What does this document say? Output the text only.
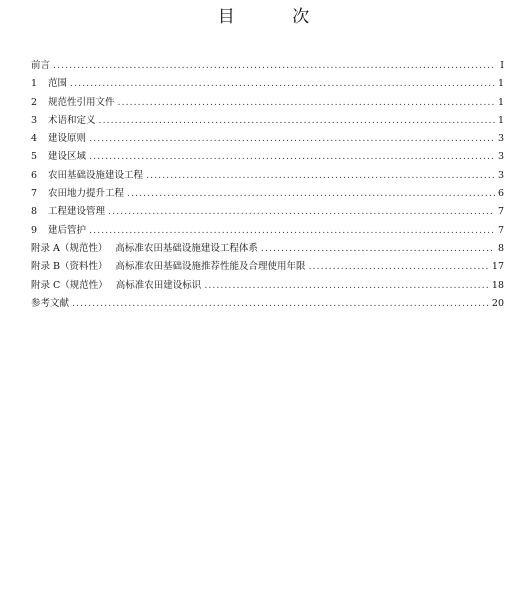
目 次
前言 .....	I
1 范围 .....	1
2 规范性引用文件 .....	1
3 术语和定义 .....	1
4 建设原则 .....	3
5 建设区域 .....	3
6 农田基础设施建设工程 .....	3
7 农田地力提升工程 .....	6
8 工程建设管理 .....	7
9 建后管护 .....	7
附录 A（规范性） 高标准农田基础设施建设工程体系 .....	8
附录 B（资料性） 高标准农田基础设施推荐性能及合理使用年限 .....	17
附录 C（规范性） 高标准农田建设标识 .....	18
参考文献 .....	20
